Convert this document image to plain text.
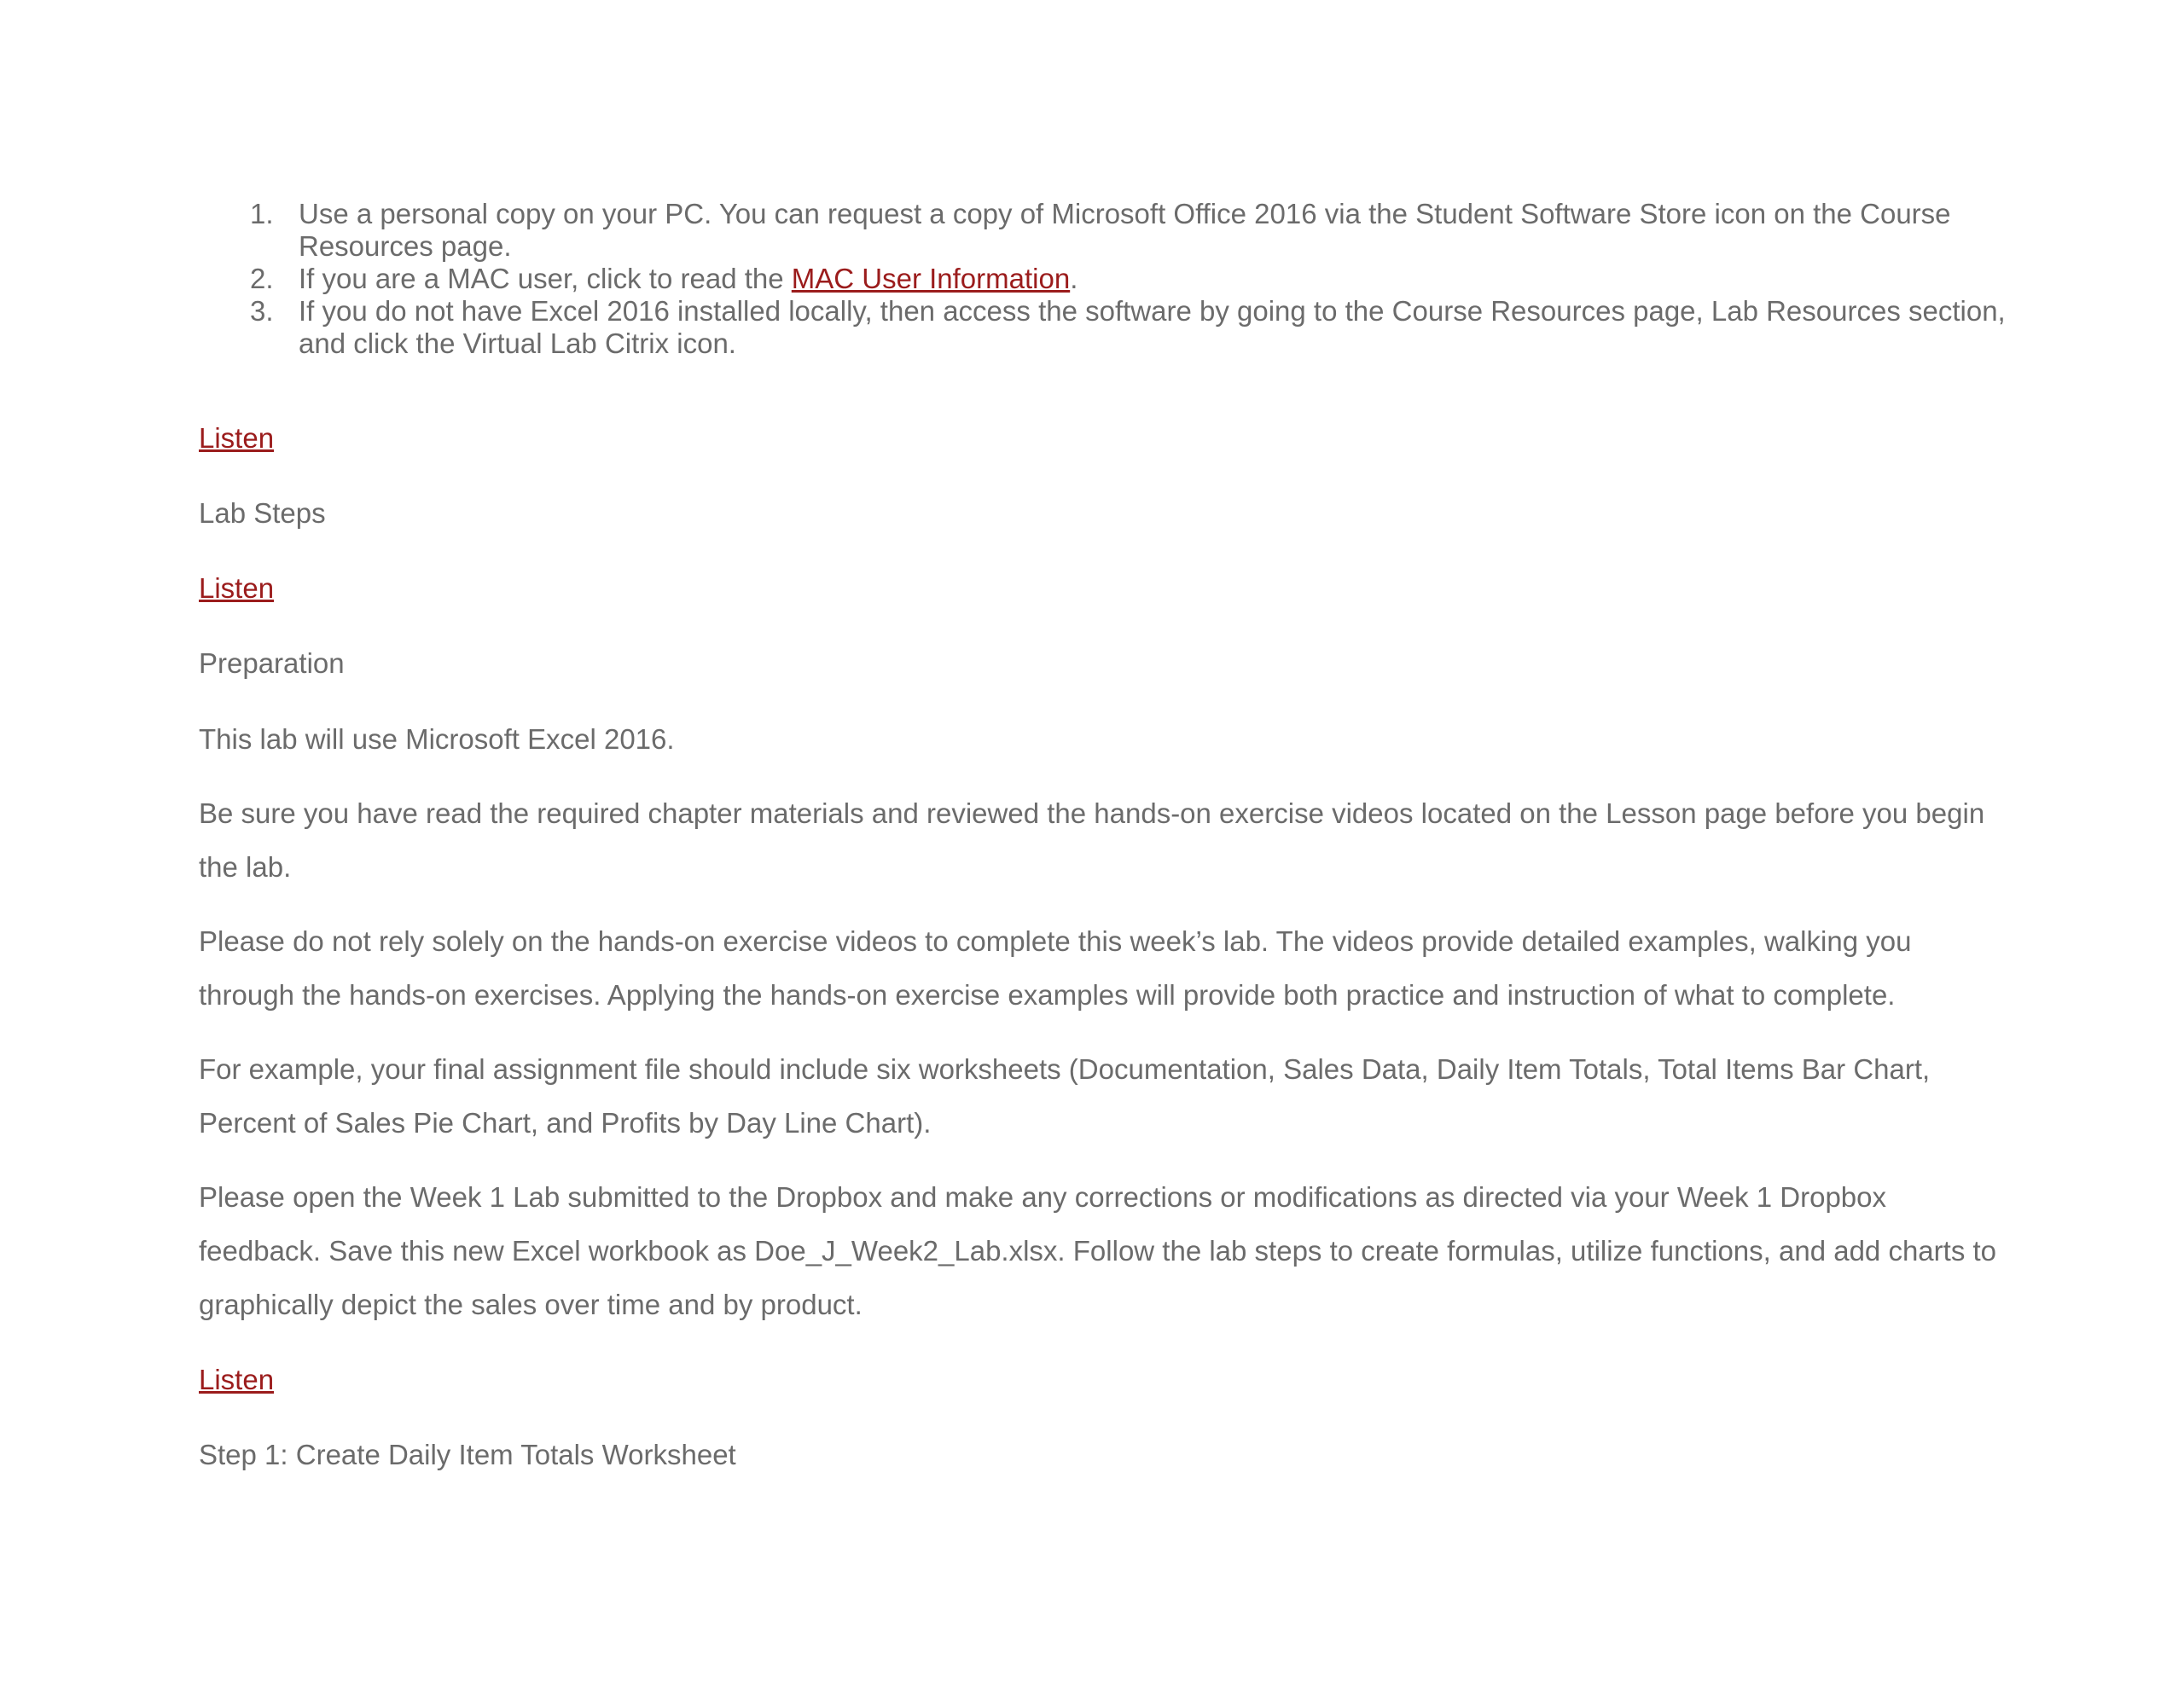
1. Use a personal copy on your PC. You can request a copy of Microsoft Office 2016 via the Student Software Store icon on the Course Resources page.
2. If you are a MAC user, click to read the MAC User Information.
3. If you do not have Excel 2016 installed locally, then access the software by going to the Course Resources page, Lab Resources section, and click the Virtual Lab Citrix icon.
Listen
Lab Steps
Listen
Preparation

This lab will use Microsoft Excel 2016.

Be sure you have read the required chapter materials and reviewed the hands-on exercise videos located on the Lesson page before you begin the lab.

Please do not rely solely on the hands-on exercise videos to complete this week’s lab. The videos provide detailed examples, walking you through the hands-on exercises. Applying the hands-on exercise examples will provide both practice and instruction of what to complete.

For example, your final assignment file should include six worksheets (Documentation, Sales Data, Daily Item Totals, Total Items Bar Chart, Percent of Sales Pie Chart, and Profits by Day Line Chart).

Please open the Week 1 Lab submitted to the Dropbox and make any corrections or modifications as directed via your Week 1 Dropbox feedback. Save this new Excel workbook as Doe_J_Week2_Lab.xlsx. Follow the lab steps to create formulas, utilize functions, and add charts to graphically depict the sales over time and by product.

Listen
Step 1: Create Daily Item Totals Worksheet
